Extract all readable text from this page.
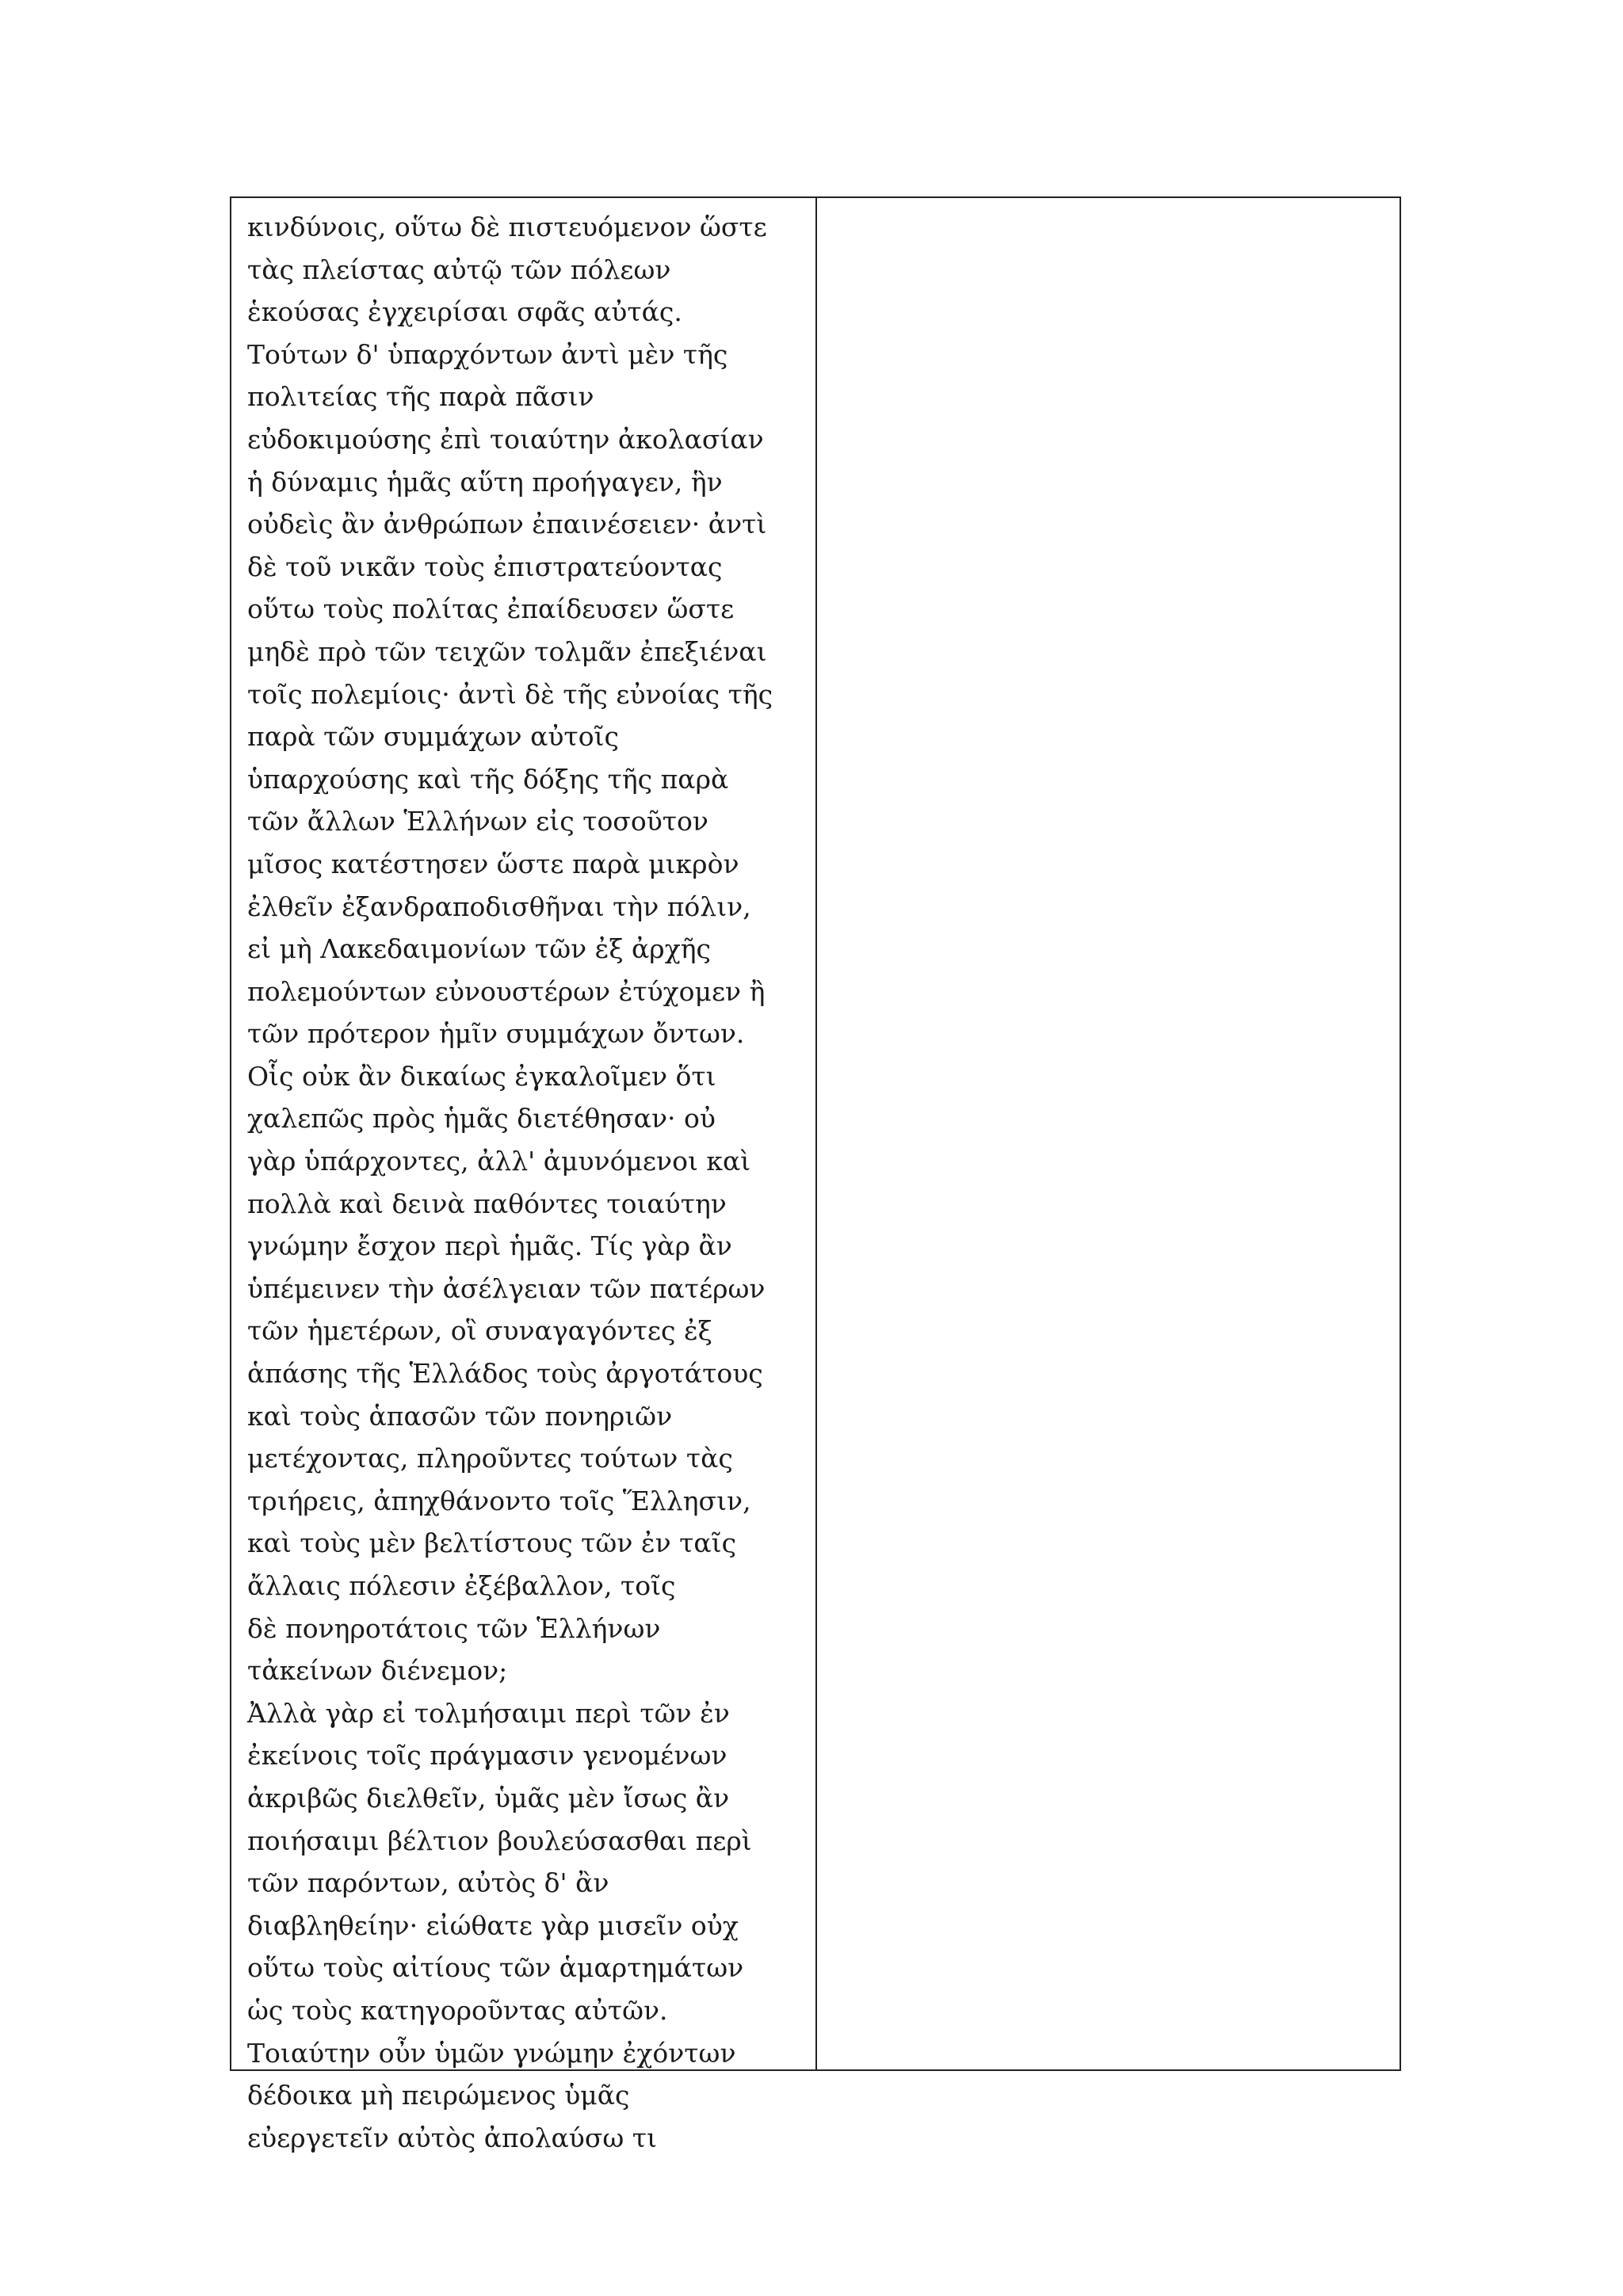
κινδύνοις, οὕτω δὲ πιστευόμενον ὥστε
τὰς πλείστας αὐτῷ τῶν πόλεων
ἑκούσας ἐγχειρίσαι σφᾶς αὐτάς.
Τούτων δ' ὑπαρχόντων ἀντὶ μὲν τῆς
πολιτείας τῆς παρὰ πᾶσιν
εὐδοκιμούσης ἐπὶ τοιαύτην ἀκολασίαν
ἡ δύναμις ἡμᾶς αὕτη προήγαγεν, ἣν
οὐδεὶς ἂν ἀνθρώπων ἐπαινέσειεν· ἀντὶ
δὲ τοῦ νικᾶν τοὺς ἐπιστρατεύοντας
οὕτω τοὺς πολίτας ἐπαίδευσεν ὥστε
μηδὲ πρὸ τῶν τειχῶν τολμᾶν ἐπεξιέναι
τοῖς πολεμίοις· ἀντὶ δὲ τῆς εὐνοίας τῆς
παρὰ τῶν συμμάχων αὐτοῖς
ὑπαρχούσης καὶ τῆς δόξης τῆς παρὰ
τῶν ἄλλων Ἑλλήνων εἰς τοσοῦτον
μῖσος κατέστησεν ὥστε παρὰ μικρὸν
ἐλθεῖν ἐξανδραποδισθῆναι τὴν πόλιν,
εἰ μὴ Λακεδαιμονίων τῶν ἐξ ἀρχῆς
πολεμούντων εὐνουστέρων ἐτύχομεν ἢ
τῶν πρότερον ἡμῖν συμμάχων ὄντων.
Οἷς οὐκ ἂν δικαίως ἐγκαλοῖμεν ὅτι
χαλεπῶς πρὸς ἡμᾶς διετέθησαν· οὐ
γὰρ ὑπάρχοντες, ἀλλ' ἀμυνόμενοι καὶ
πολλὰ καὶ δεινὰ παθόντες τοιαύτην
γνώμην ἔσχον περὶ ἡμᾶς. Τίς γὰρ ἂν
ὑπέμεινεν τὴν ἀσέλγειαν τῶν πατέρων
τῶν ἡμετέρων, οἳ συναγαγόντες ἐξ
ἁπάσης τῆς Ἑλλάδος τοὺς ἀργοτάτους
καὶ τοὺς ἁπασῶν τῶν πονηριῶν
μετέχοντας, πληροῦντες τούτων τὰς
τριήρεις, ἀπηχθάνοντο τοῖς Ἕλλησιν,
καὶ τοὺς μὲν βελτίστους τῶν ἐν ταῖς
ἄλλαις πόλεσιν ἐξέβαλλον, τοῖς
δὲ πονηροτάτοις τῶν Ἑλλήνων
τἀκείνων διένεμον;
Ἀλλὰ γὰρ εἰ τολμήσαιμι περὶ τῶν ἐν
ἐκείνοις τοῖς πράγμασιν γενομένων
ἀκριβῶς διελθεῖν, ὑμᾶς μὲν ἴσως ἂν
ποιήσαιμι βέλτιον βουλεύσασθαι περὶ
τῶν παρόντων, αὐτὸς δ' ἂν
διαβληθείην· εἰώθατε γὰρ μισεῖν οὐχ
οὕτω τοὺς αἰτίους τῶν ἁμαρτημάτων
ὡς τοὺς κατηγοροῦντας αὐτῶν.
Τοιαύτην οὖν ὑμῶν γνώμην ἐχόντων
δέδοικα μὴ πειρώμενος ὑμᾶς
εὐεργετεῖν αὐτὸς ἀπολαύσω τι
